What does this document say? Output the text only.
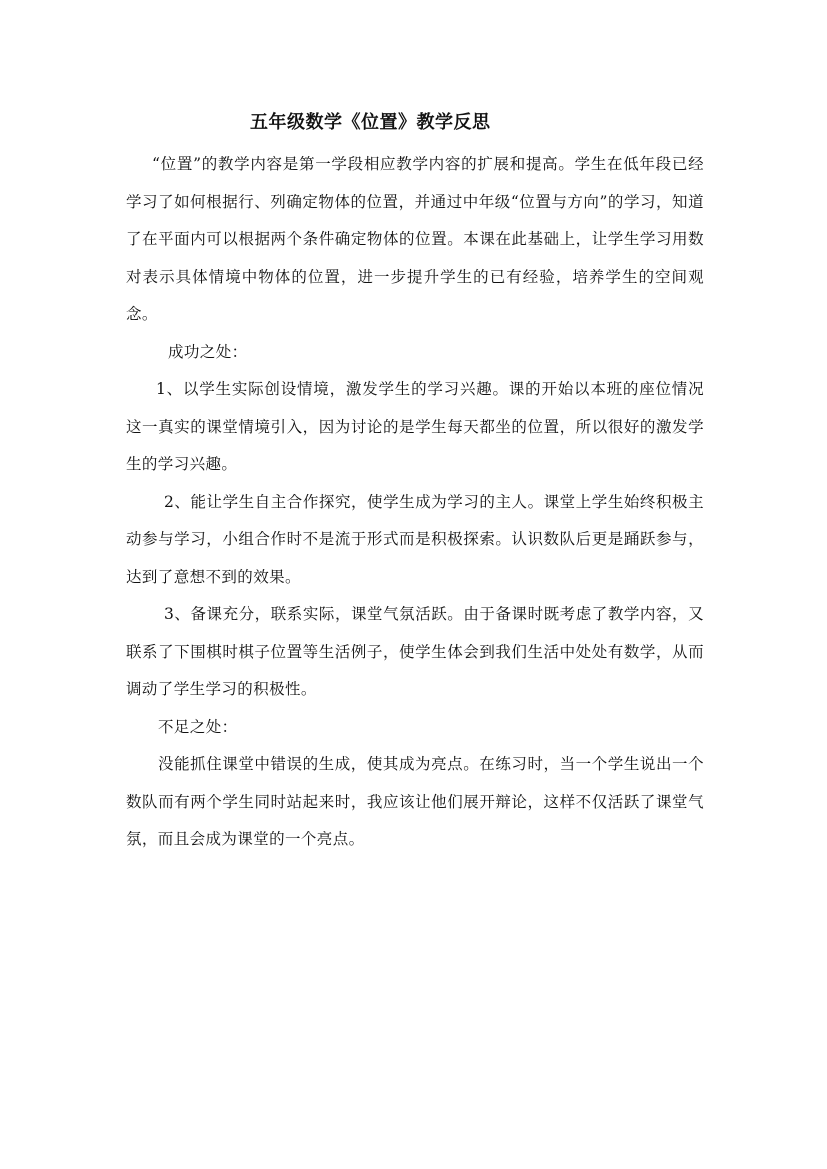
五年级数学《位置》教学反思

“位置”的教学内容是第一学段相应教学内容的扩展和提高。学生在低年段已经学习了如何根据行、列确定物体的位置，并通过中年级“位置与方向”的学习，知道了在平面内可以根据两个条件确定物体的位置。本课在此基础上，让学生学习用数对表示具体情境中物体的位置，进一步提升学生的已有经验，培养学生的空间观念。

成功之处：

1、以学生实际创设情境，激发学生的学习兴趣。课的开始以本班的座位情况这一真实的课堂情境引入，因为讨论的是学生每天都坐的位置，所以很好的激发学生的学习兴趣。

2、能让学生自主合作探究，使学生成为学习的主人。课堂上学生始终积极主动参与学习，小组合作时不是流于形式而是积极探索。认识数队后更是踊跃参与，达到了意想不到的效果。

3、备课充分，联系实际，课堂气氛活跃。由于备课时既考虑了教学内容，又联系了下围棋时棋子位置等生活例子，使学生体会到我们生活中处处有数学，从而调动了学生学习的积极性。

不足之处：

没能抓住课堂中错误的生成，使其成为亮点。在练习时，当一个学生说出一个数队而有两个学生同时站起来时，我应该让他们展开辩论，这样不仅活跃了课堂气氛，而且会成为课堂的一个亮点。
